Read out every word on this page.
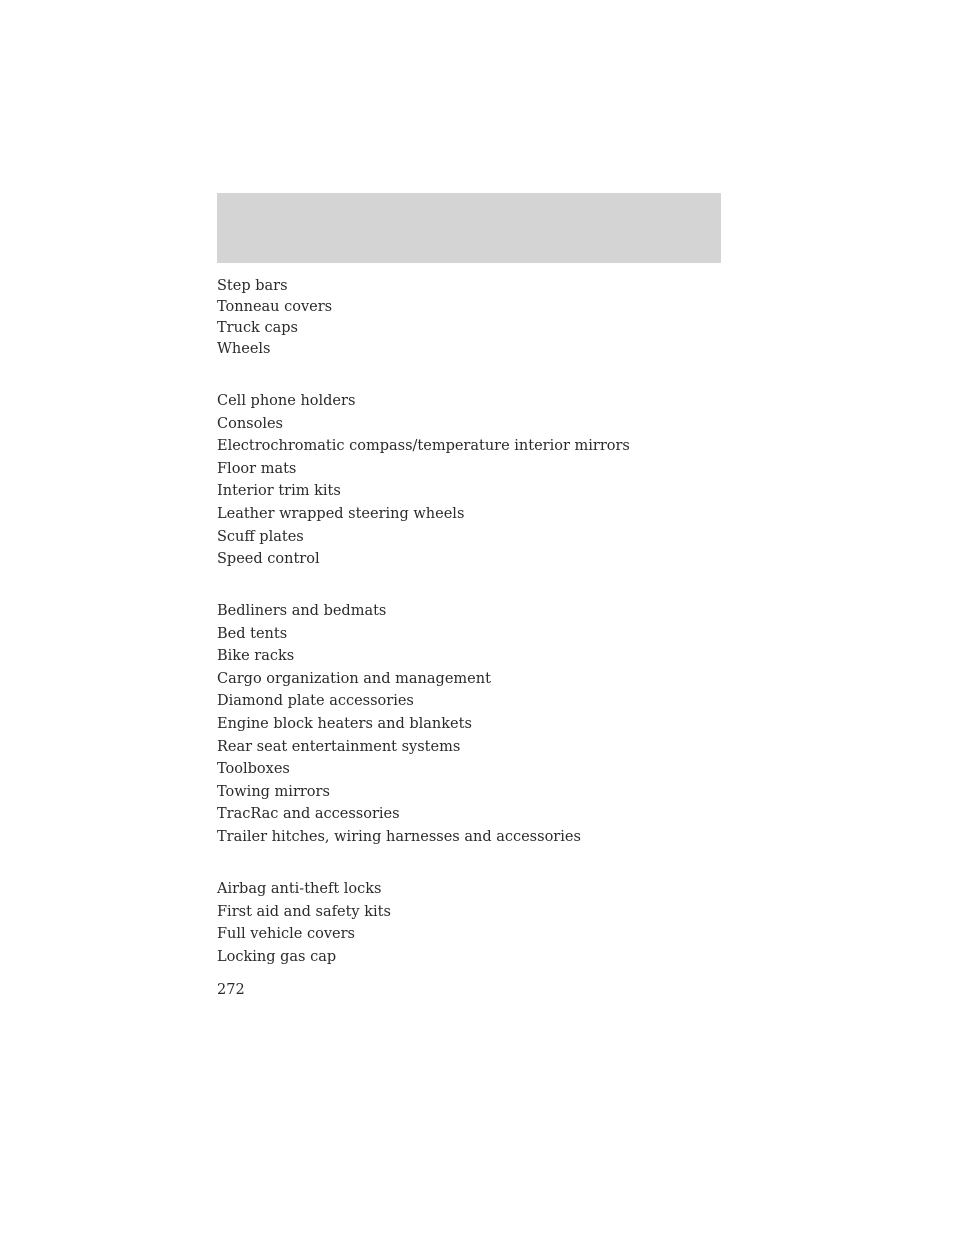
Step bars
Tonneau covers
Truck caps
Wheels
Cell phone holders
Consoles
Electrochromatic compass/temperature interior mirrors
Floor mats
Interior trim kits
Leather wrapped steering wheels
Scuff plates
Speed control
Bedliners and bedmats
Bed tents
Bike racks
Cargo organization and management
Diamond plate accessories
Engine block heaters and blankets
Rear seat entertainment systems
Toolboxes
Towing mirrors
TracRac and accessories
Trailer hitches, wiring harnesses and accessories
Airbag anti-theft locks
First aid and safety kits
Full vehicle covers
Locking gas cap
272
